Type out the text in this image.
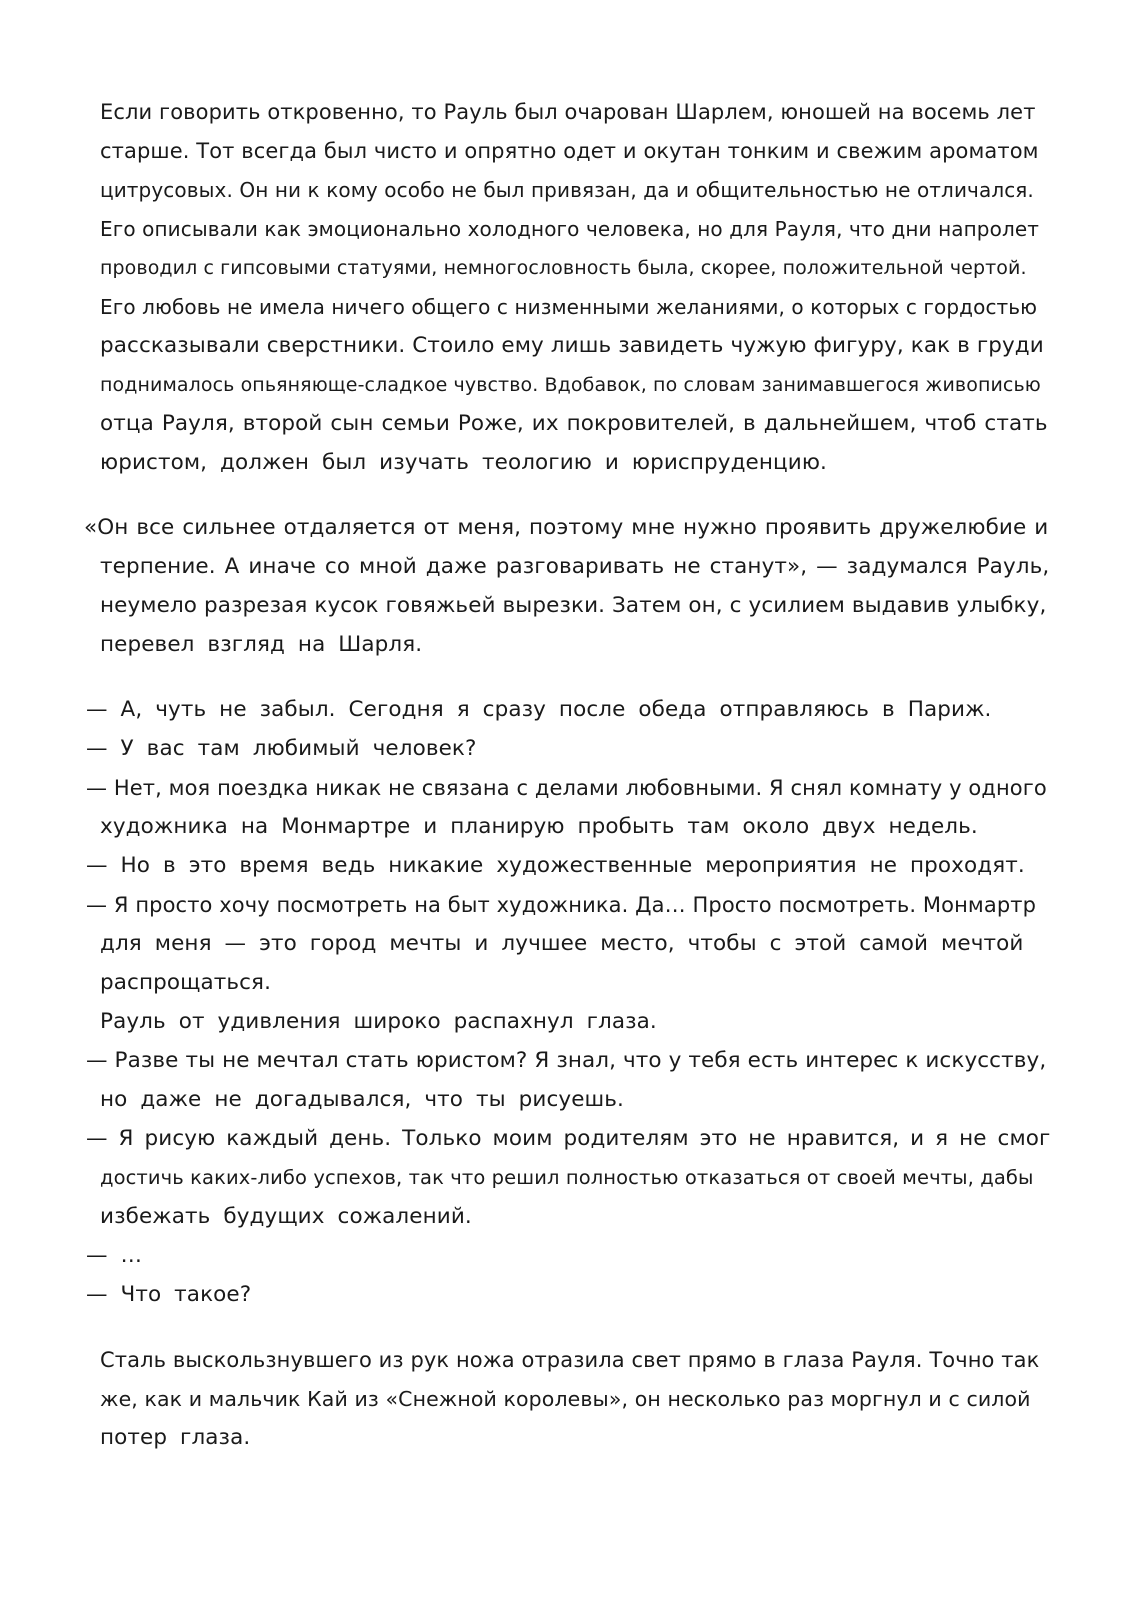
Если говорить откровенно, то Рауль был очарован Шарлем, юношей на восемь лет
старше. Тот всегда был чисто и опрятно одет и окутан тонким и свежим ароматом
цитрусовых. Он ни к кому особо не был привязан, да и общительностью не отличался.
Его описывали как эмоционально холодного человека, но для Рауля, что дни напролет
проводил с гипсовыми статуями, немногословность была, скорее, положительной чертой.
Его любовь не имела ничего общего с низменными желаниями, о которых с гордостью
рассказывали сверстники. Стоило ему лишь завидеть чужую фигуру, как в груди
поднималось опьяняюще-сладкое чувство. Вдобавок, по словам занимавшегося живописью
отца Рауля, второй сын семьи Роже, их покровителей, в дальнейшем, чтоб стать
юристом, должен был изучать теологию и юриспруденцию.
«Он все сильнее отдаляется от меня, поэтому мне нужно проявить дружелюбие и
терпение. А иначе со мной даже разговаривать не станут», — задумался Рауль,
неумело разрезая кусок говяжьей вырезки. Затем он, с усилием выдавив улыбку,
перевел взгляд на Шарля.
— А, чуть не забыл. Сегодня я сразу после обеда отправляюсь в Париж.
— У вас там любимый человек?
— Нет, моя поездка никак не связана с делами любовными. Я снял комнату у одного
художника на Монмартре и планирую пробыть там около двух недель.
— Но в это время ведь никакие художественные мероприятия не проходят.
— Я просто хочу посмотреть на быт художника. Да… Просто посмотреть. Монмартр
для меня — это город мечты и лучшее место, чтобы с этой самой мечтой
распрощаться.
Рауль от удивления широко распахнул глаза.
— Разве ты не мечтал стать юристом? Я знал, что у тебя есть интерес к искусству,
но даже не догадывался, что ты рисуешь.
— Я рисую каждый день. Только моим родителям это не нравится, и я не смог
достичь каких-либо успехов, так что решил полностью отказаться от своей мечты, дабы
избежать будущих сожалений.
— …
— Что такое?
Сталь выскользнувшего из рук ножа отразила свет прямо в глаза Рауля. Точно так
же, как и мальчик Кай из «Снежной королевы», он несколько раз моргнул и с силой
потер глаза.
